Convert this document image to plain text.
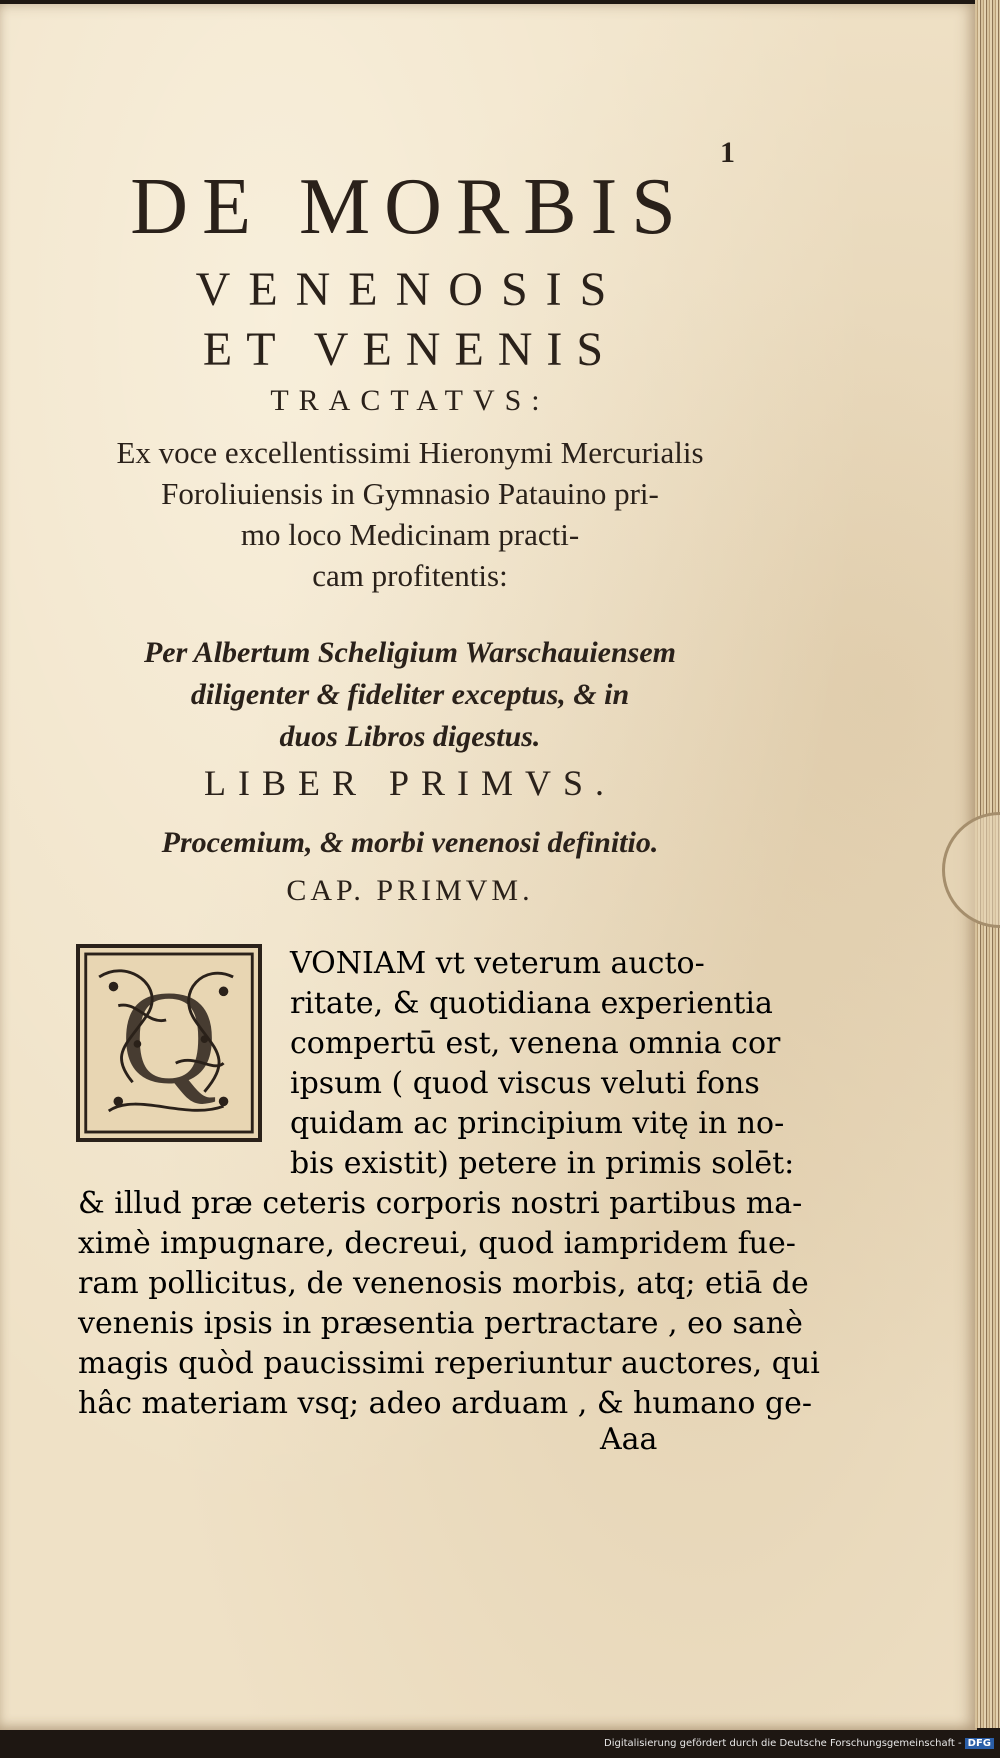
1
DE MORBIS
VENENOSIS
ET VENENIS
TRACTATVS:
Ex voce excellentissimi Hieronymi Mercurialis
Foroliuiensis in Gymnasio Patauino pri-
mo loco Medicinam practi-
cam profitentis:
Per Albertum Scheligium Warschauiensem
diligenter & fideliter exceptus, & in
duos Libros digestus.
LIBER PRIMVS.
Procemium, & morbi venenosi definitio.
CAP. PRIMVM.
Q VONIAM vt veterum aucto-
ritate, & quotidiana experientia
compertū est, venena omnia cor
ipsum ( quod viscus veluti fons
quidam ac principium vitę in no-
bis existit) petere in primis solēt:
& illud præ ceteris corporis nostri partibus ma-
ximè impugnare, decreui, quod iampridem fue-
ram pollicitus, de venenosis morbis, atq; etiā de
venenis ipsis in præsentia pertractare , eo sanè
magis quòd paucissimi reperiuntur auctores, qui
hâc materiam vsq; adeo arduam , & humano ge-
Aaa
Digitalisierung gefördert durch die Deutsche Forschungsgemeinschaft - DFG
